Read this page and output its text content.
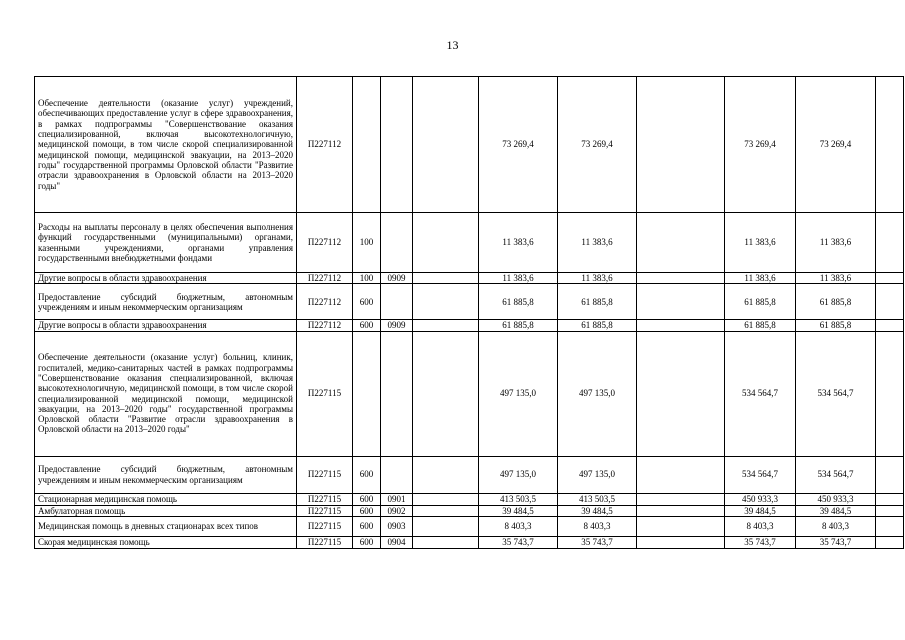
13
Обеспечение деятельности (оказание услуг) учреждений, обеспечивающих предоставление услуг в сфере здравоохранения, в рамках подпрограммы "Совершенствование оказания специализированной, включая высокотехнологичную, медицинской помощи, в том числе скорой специализированной медицинской помощи, медицинской эвакуации, на 2013–2020 годы" государственной программы Орловской области "Развитие отрасли здравоохранения в Орловской области на 2013–2020 годы"	П227112				73 269,4	73 269,4		73 269,4	73 269,4	
Расходы на выплаты персоналу в целях обеспечения выполнения функций государственными (муниципальными) органами, казенными учреждениями, органами управления государственными внебюджетными фондами	П227112	100			11 383,6	11 383,6		11 383,6	11 383,6	
Другие вопросы в области здравоохранения	П227112	100	0909		11 383,6	11 383,6		11 383,6	11 383,6	
Предоставление субсидий бюджетным, автономным учреждениям и иным некоммерческим организациям	П227112	600			61 885,8	61 885,8		61 885,8	61 885,8	
Другие вопросы в области здравоохранения	П227112	600	0909		61 885,8	61 885,8		61 885,8	61 885,8	
Обеспечение деятельности (оказание услуг) больниц, клиник, госпиталей, медико-санитарных частей в рамках подпрограммы "Совершенствование оказания специализированной, включая высокотехнологичную, медицинской помощи, в том числе скорой специализированной медицинской помощи, медицинской эвакуации, на 2013–2020 годы" государственной программы Орловской области "Развитие отрасли здравоохранения в Орловской области на 2013–2020 годы"	П227115				497 135,0	497 135,0		534 564,7	534 564,7	
Предоставление субсидий бюджетным, автономным учреждениям и иным некоммерческим организациям	П227115	600			497 135,0	497 135,0		534 564,7	534 564,7	
Стационарная медицинская помощь	П227115	600	0901		413 503,5	413 503,5		450 933,3	450 933,3	
Амбулаторная помощь	П227115	600	0902		39 484,5	39 484,5		39 484,5	39 484,5	
Медицинская помощь в дневных стационарах всех типов	П227115	600	0903		8 403,3	8 403,3		8 403,3	8 403,3	
Скорая медицинская помощь	П227115	600	0904		35 743,7	35 743,7		35 743,7	35 743,7	
